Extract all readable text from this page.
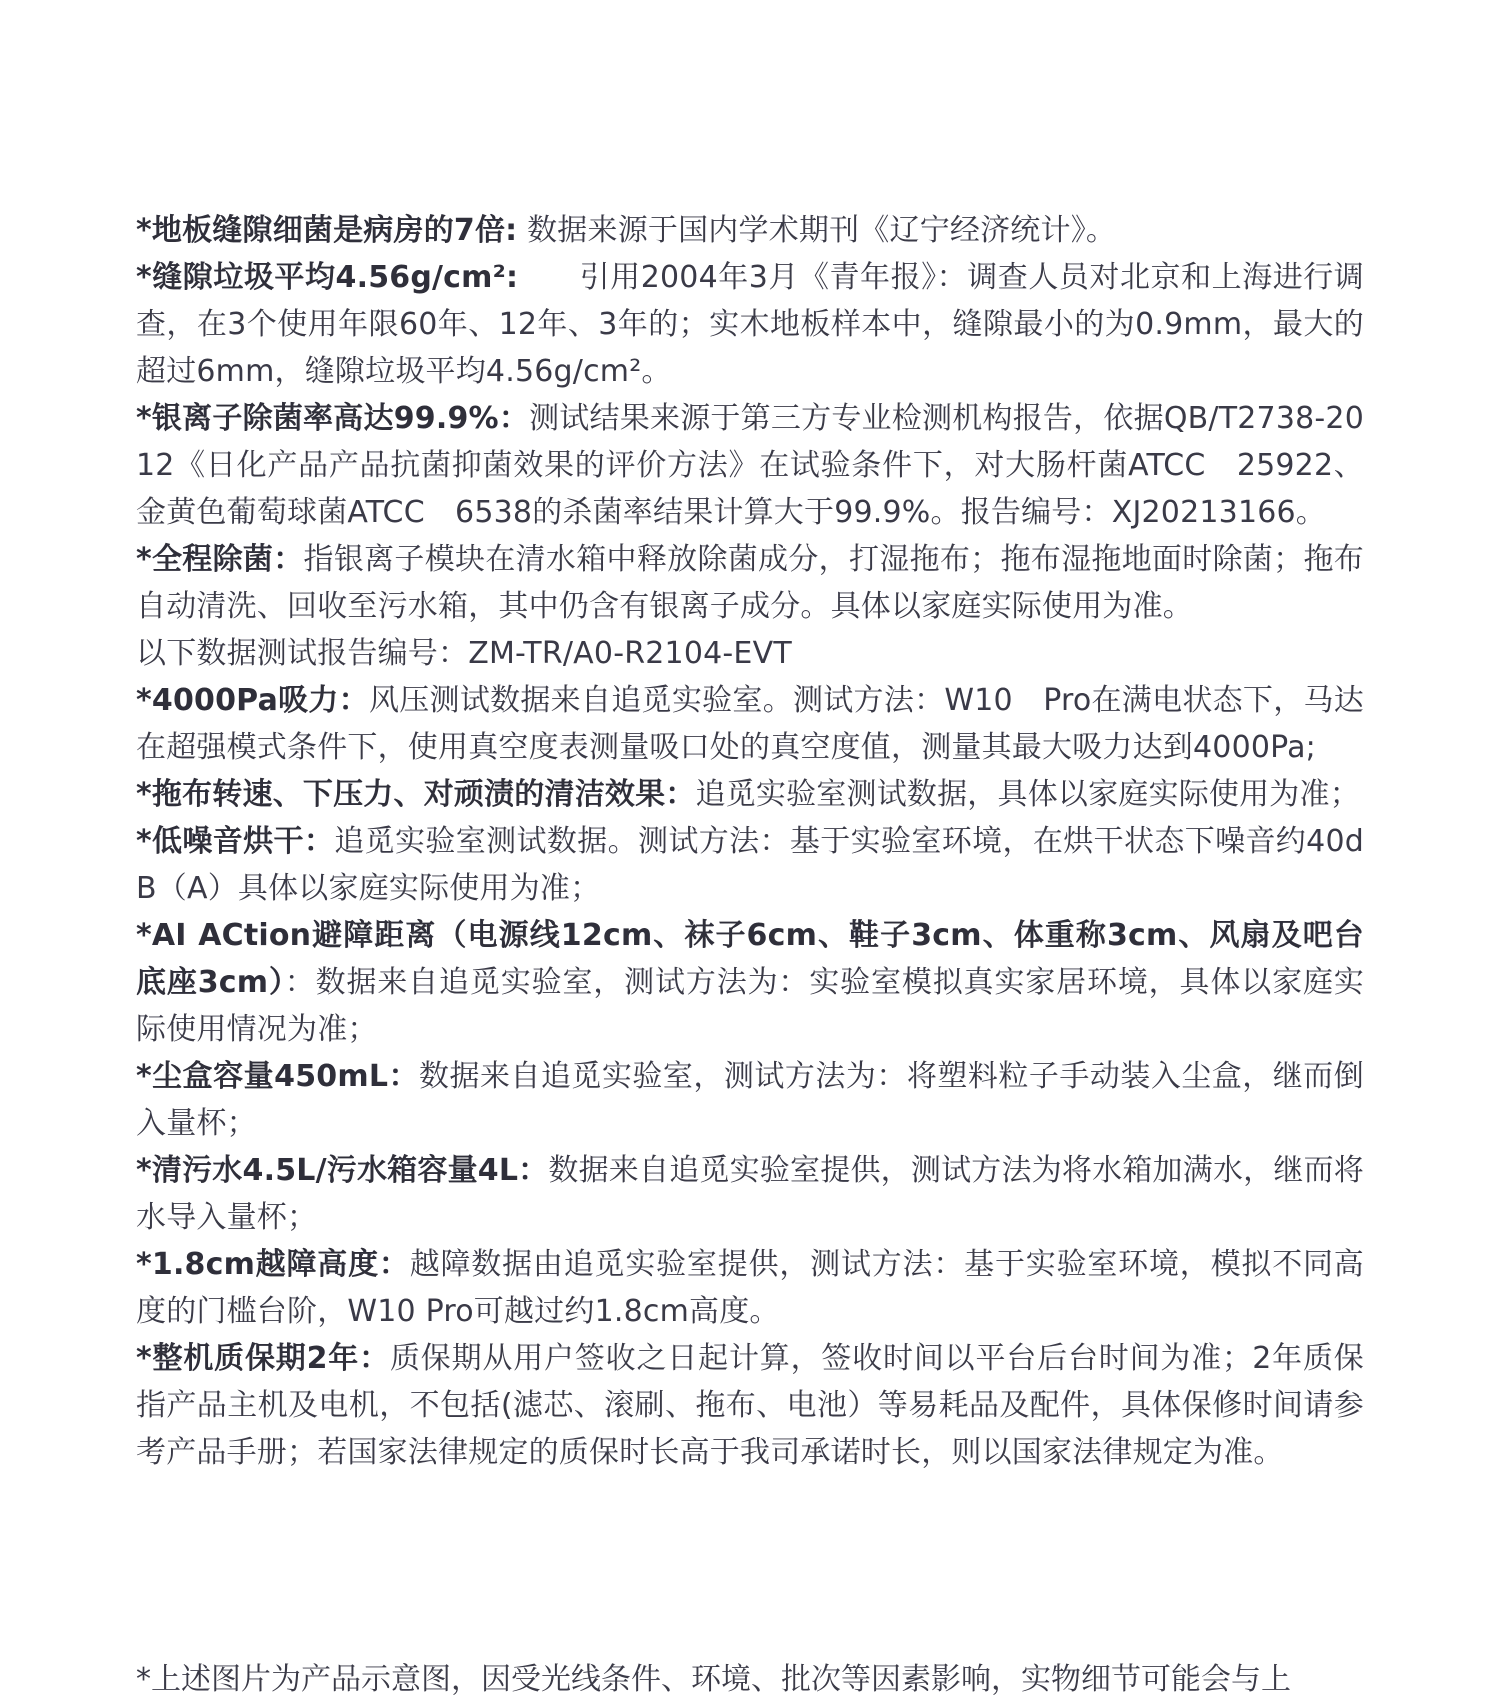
*地板缝隙细菌是病房的7倍: 数据来源于国内学术期刊《辽宁经济统计》。

*缝隙垃圾平均4.56g/cm²:　　引用2004年3月《青年报》：调查人员对北京和上海进行调查，在3个使用年限60年、12年、3年的；实木地板样本中，缝隙最小的为0.9mm，最大的超过6mm，缝隙垃圾平均4.56g/cm²。

*银离子除菌率高达99.9%：测试结果来源于第三方专业检测机构报告，依据QB/T2738-2012《日化产品产品抗菌抑菌效果的评价方法》在试验条件下，对大肠杆菌ATCC　25922、金黄色葡萄球菌ATCC　6538的杀菌率结果计算大于99.9%。报告编号：XJ20213166。

*全程除菌：指银离子模块在清水箱中释放除菌成分，打湿拖布；拖布湿拖地面时除菌；拖布自动清洗、回收至污水箱，其中仍含有银离子成分。具体以家庭实际使用为准。

以下数据测试报告编号：ZM-TR/A0-R2104-EVT

*4000Pa吸力：风压测试数据来自追觅实验室。测试方法：W10　Pro在满电状态下，马达在超强模式条件下，使用真空度表测量吸口处的真空度值，测量其最大吸力达到4000Pa;

*拖布转速、下压力、对顽渍的清洁效果：追觅实验室测试数据，具体以家庭实际使用为准；

*低噪音烘干：追觅实验室测试数据。测试方法：基于实验室环境，在烘干状态下噪音约40dB（A）具体以家庭实际使用为准；

*AI ACtion避障距离（电源线12cm、袜子6cm、鞋子3cm、体重称3cm、风扇及吧台底座3cm）：数据来自追觅实验室，测试方法为：实验室模拟真实家居环境，具体以家庭实际使用情况为准；

*尘盒容量450mL：数据来自追觅实验室，测试方法为：将塑料粒子手动装入尘盒，继而倒入量杯；

*清污水4.5L/污水箱容量4L：数据来自追觅实验室提供，测试方法为将水箱加满水，继而将水导入量杯；

*1.8cm越障高度：越障数据由追觅实验室提供，测试方法：基于实验室环境，模拟不同高度的门槛台阶，W10 Pro可越过约1.8cm高度。

*整机质保期2年：质保期从用户签收之日起计算，签收时间以平台后台时间为准；2年质保指产品主机及电机，不包括(滤芯、滚刷、拖布、电池）等易耗品及配件，具体保修时间请参考产品手册；若国家法律规定的质保时长高于我司承诺时长，则以国家法律规定为准。

*上述图片为产品示意图，因受光线条件、环境、批次等因素影响，实物细节可能会与上
